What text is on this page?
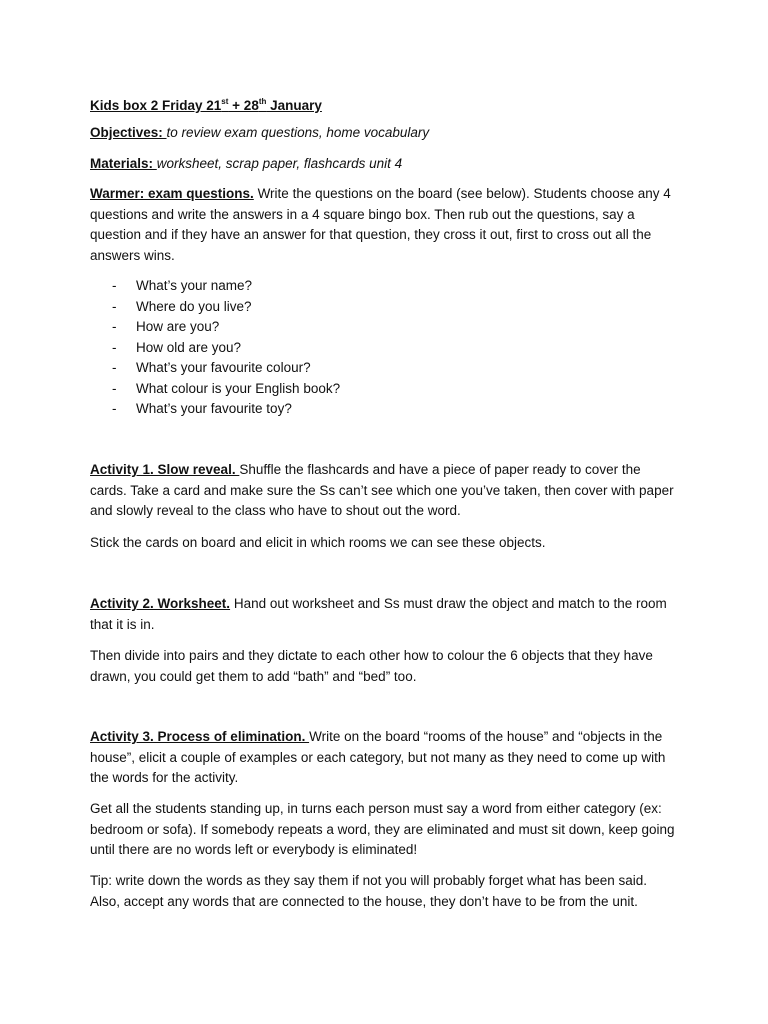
Kids box 2 Friday 21st + 28th January
Objectives: to review exam questions, home vocabulary
Materials: worksheet, scrap paper, flashcards unit 4
Warmer: exam questions. Write the questions on the board (see below). Students choose any 4 questions and write the answers in a 4 square bingo box. Then rub out the questions, say a question and if they have an answer for that question, they cross it out, first to cross out all the answers wins.
- What’s your name?
- Where do you live?
- How are you?
- How old are you?
- What’s your favourite colour?
- What colour is your English book?
- What’s your favourite toy?
Activity 1. Slow reveal. Shuffle the flashcards and have a piece of paper ready to cover the cards. Take a card and make sure the Ss can’t see which one you’ve taken, then cover with paper and slowly reveal to the class who have to shout out the word.
Stick the cards on board and elicit in which rooms we can see these objects.
Activity 2. Worksheet. Hand out worksheet and Ss must draw the object and match to the room that it is in.
Then divide into pairs and they dictate to each other how to colour the 6 objects that they have drawn, you could get them to add “bath” and “bed” too.
Activity 3. Process of elimination. Write on the board “rooms of the house” and “objects in the house”, elicit a couple of examples or each category, but not many as they need to come up with the words for the activity.
Get all the students standing up, in turns each person must say a word from either category (ex: bedroom or sofa). If somebody repeats a word, they are eliminated and must sit down, keep going until there are no words left or everybody is eliminated!
Tip: write down the words as they say them if not you will probably forget what has been said. Also, accept any words that are connected to the house, they don’t have to be from the unit.
